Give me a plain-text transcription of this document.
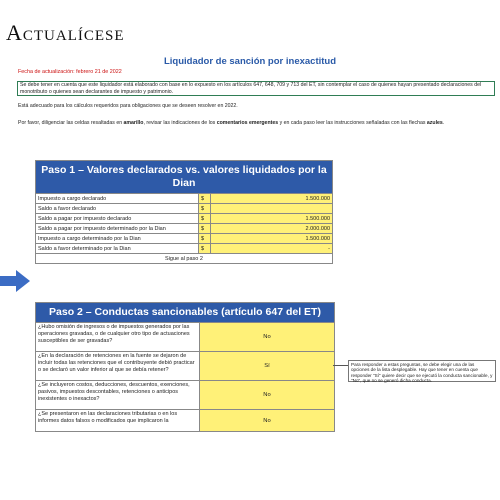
Actualícese
Liquidador de sanción por inexactitud
Fecha de actualización: febrero 21 de 2022
Se debe tener en cuenta que este liquidador está elaborado con base en lo expuesto en los artículos 647, 648, 709 y 713 del ET, sin contemplar el caso de quienes hayan presentado declaraciones del monotributo o quienes sean declarantes de impuesto y patrimonio.
Está adecuado para los cálculos requeridos para obligaciones que se deseen resolver en 2022.
Por favor, diligenciar las celdas resaltadas en amarillo, revisar las indicaciones de los comentarios emergentes y en cada paso leer las instrucciones señaladas con las flechas azules.
Paso 1 – Valores declarados vs. valores liquidados por la Dian		
Impuesto a cargo declarado	$	1.500.000
Saldo a favor declarado	$	
Saldo a pagar por impuesto declarado	$	1.500.000
Saldo a pagar por impuesto determinado por la Dian	$	2.000.000
Impuesto a cargo determinado por la Dian	$	1.500.000
Saldo a favor determinado por la Dian	$	-
Sigue al paso 2		
Paso 2 – Conductas sancionables (artículo 647 del ET)	
¿Hubo omisión de ingresos o de impuestos generados por las operaciones gravadas, o de cualquier otro tipo de actuaciones susceptibles de ser gravadas?	No
¿En la declaración de retenciones en la fuente se dejaron de incluir todas las retenciones que el contribuyente debió practicar o se declaró un valor inferior al que se debía retener?	Sí
¿Se incluyeron costos, deducciones, descuentos, exenciones, pasivos, impuestos descontables, retenciones o anticipos inexistentes o inexactos?	No
¿Se presentaron en las declaraciones tributarias o en los informes datos falsos o modificados que implicaron la	No
Para responder a estas preguntas, se debe elegir una de las opciones de la lista desplegable. Hay que tener en cuenta que responder "Sí" quiere decir que se ejecutó la conducta sancionable, y "No", que no se generó dicha conducta.
